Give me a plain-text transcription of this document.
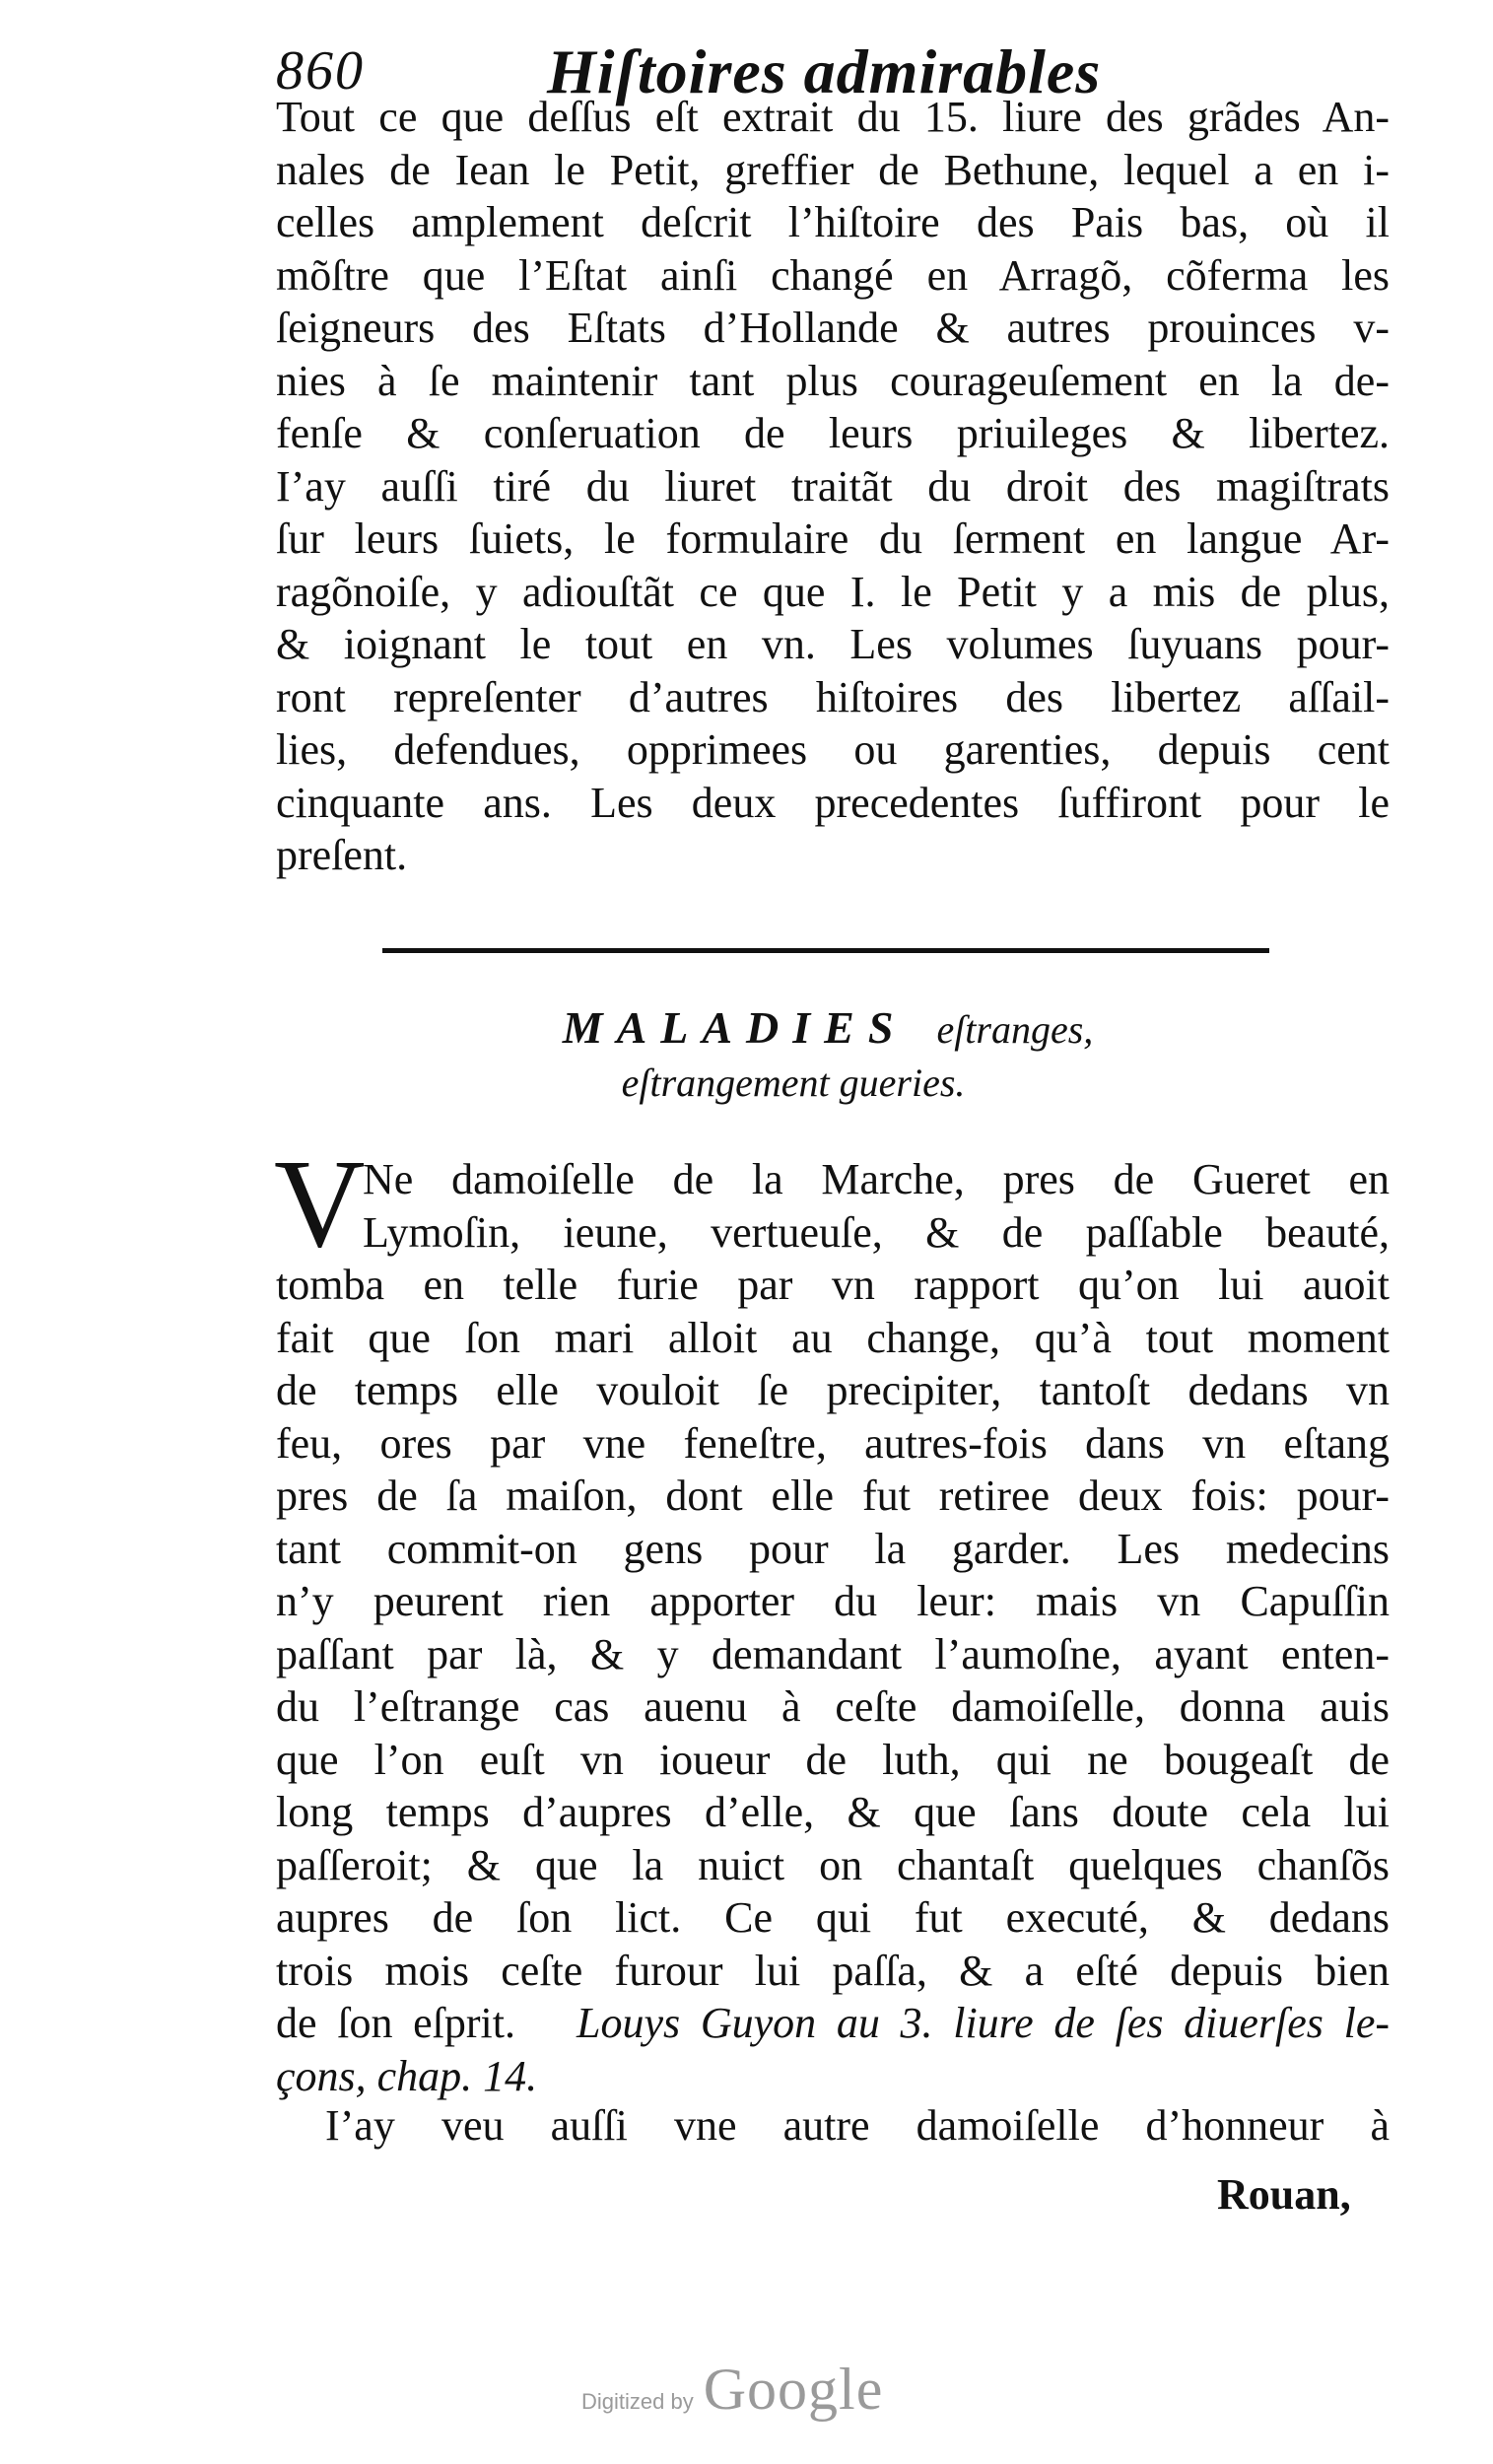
860	Hiſtoires admirables
Tout ce que deſſus eſt extrait du 15. liure des grãdes An-
nales de Iean le Petit, greffier de Bethune, lequel a en i-
celles amplement deſcrit l’hiſtoire des Pais bas, où il
mõſtre que l’Eſtat ainſi changé en Arragõ, cõferma les
ſeigneurs des Eſtats d’Hollande & autres prouinces v-
nies à ſe maintenir tant plus courageuſement en la de-
fenſe & conſeruation de leurs priuileges & libertez.
I’ay auſſi tiré du liuret traitãt du droit des magiſtrats
ſur leurs ſuiets, le formulaire du ſerment en langue Ar-
ragõnoiſe, y adiouſtãt ce que I. le Petit y a mis de plus,
& ioignant le tout en vn. Les volumes ſuyuans pour-
ront repreſenter d’autres hiſtoires des libertez aſſail-
lies, defendues, opprimees ou garenties, depuis cent
cinquante ans. Les deux precedentes ſuffiront pour le
preſent.
MALADIES eſtranges,
eſtrangement gueries.
V
Ne damoiſelle de la Marche, pres de Gueret en
Lymoſin, ieune, vertueuſe, & de paſſable beauté,
tomba en telle furie par vn rapport qu’on lui auoit
fait que ſon mari alloit au change, qu’à tout moment
de temps elle vouloit ſe precipiter, tantoſt dedans vn
feu, ores par vne feneſtre, autres-fois dans vn eſtang
pres de ſa maiſon, dont elle fut retiree deux fois: pour-
tant commit-on gens pour la garder. Les medecins
n’y peurent rien apporter du leur: mais vn Capuſſin
paſſant par là, & y demandant l’aumoſne, ayant enten-
du l’eſtrange cas auenu à ceſte damoiſelle, donna auis
que l’on euſt vn ioueur de luth, qui ne bougeaſt de
long temps d’aupres d’elle, & que ſans doute cela lui
paſſeroit; & que la nuict on chantaſt quelques chanſõs
aupres de ſon lict. Ce qui fut executé, & dedans
trois mois ceſte furour lui paſſa, & a eſté depuis bien
de ſon eſprit. Louys Guyon au 3. liure de ſes diuerſes le-
çons, chap. 14.
I’ay veu auſſi vne autre damoiſelle d’honneur à
Rouan,
Digitized by Google
